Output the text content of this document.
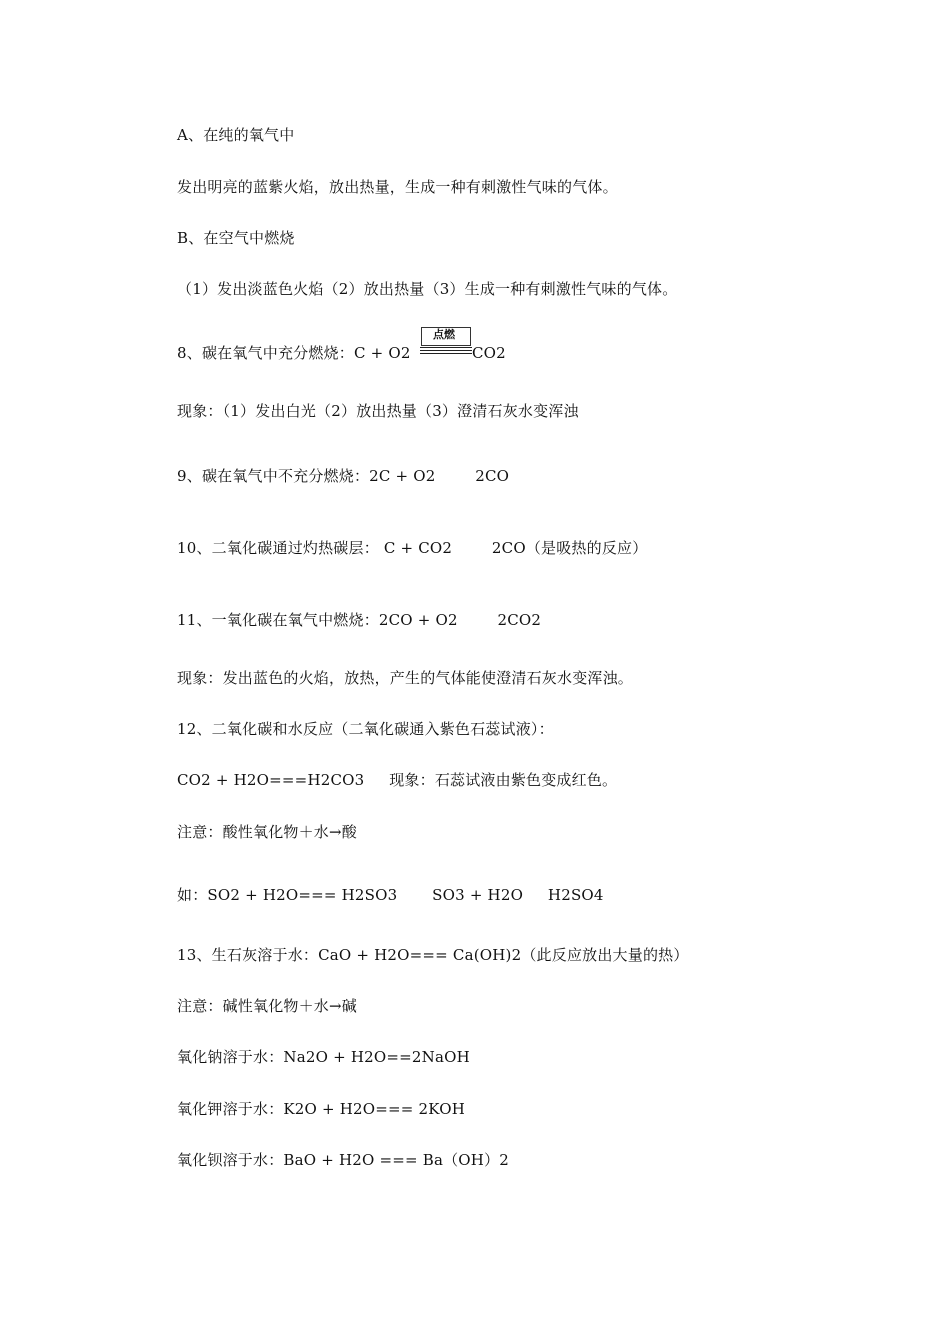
A、在纯的氧气中

发出明亮的蓝紫火焰，放出热量，生成一种有刺激性气味的气体。

B、在空气中燃烧

（1）发出淡蓝色火焰（2）放出热量（3）生成一种有刺激性气味的气体。

8、碳在氧气中充分燃烧：C + O2

点燃

CO2

现象：（1）发出白光（2）放出热量（3）澄清石灰水变浑浊

9、碳在氧气中不充分燃烧：2C + O2        2CO

10、二氧化碳通过灼热碳层： C + CO2        2CO（是吸热的反应）

11、一氧化碳在氧气中燃烧：2CO + O2        2CO2

现象：发出蓝色的火焰，放热，产生的气体能使澄清石灰水变浑浊。

12、二氧化碳和水反应（二氧化碳通入紫色石蕊试液）：

CO2 + H2O===H2CO3     现象：石蕊试液由紫色变成红色。

注意：酸性氧化物＋水→酸

如：SO2 + H2O=== H2SO3       SO3 + H2O     H2SO4

13、生石灰溶于水：CaO + H2O=== Ca(OH)2（此反应放出大量的热）

注意：碱性氧化物＋水→碱

氧化钠溶于水：Na2O + H2O==2NaOH

氧化钾溶于水：K2O + H2O=== 2KOH

氧化钡溶于水：BaO + H2O === Ba（OH）2
